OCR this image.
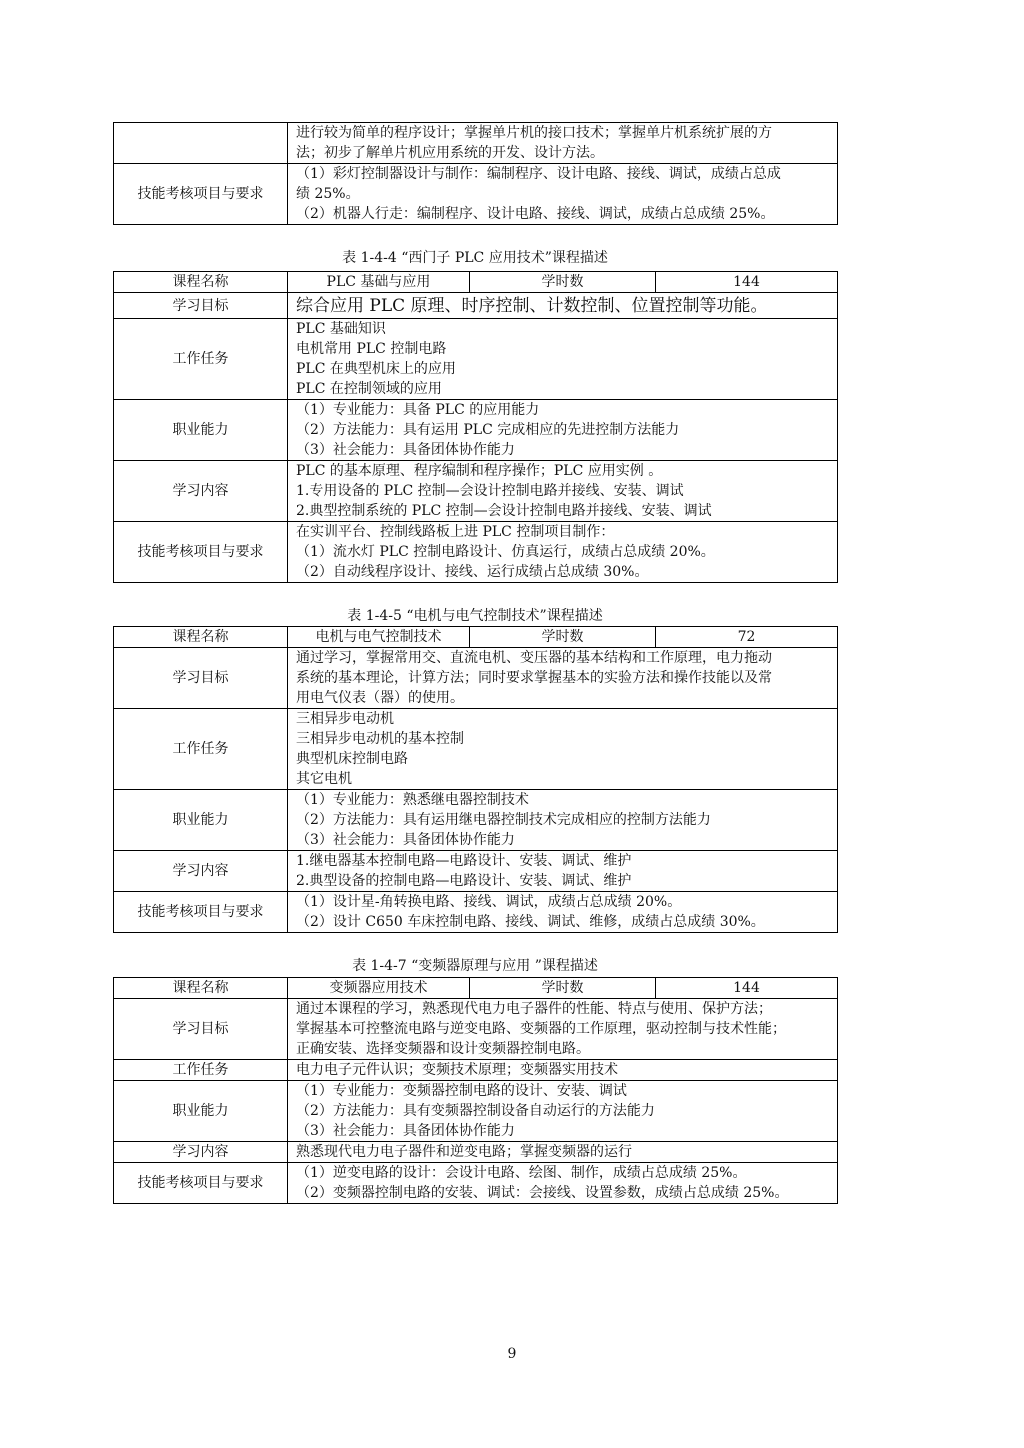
	进行较为简单的程序设计；掌握单片机的接口技术；掌握单片机系统扩展的方
法；初步了解单片机应用系统的开发、设计方法。

技能考核项目与要求	（1）彩灯控制器设计与制作：编制程序、设计电路、接线、调试，成绩占总成
绩 25%。
（2）机器人行走：编制程序、设计电路、接线、调试，成绩占总成绩 25%。
表 1-4-4 “西门子 PLC 应用技术”课程描述
课程名称	PLC 基础与应用	学时数	144
学习目标	综合应用 PLC 原理、时序控制、计数控制、位置控制等功能。		

工作任务	PLC 基础知识
电机常用 PLC 控制电路
PLC 在典型机床上的应用
PLC 在控制领域的应用		

职业能力	（1）专业能力：具备 PLC 的应用能力
（2）方法能力：具有运用 PLC 完成相应的先进控制方法能力
（3）社会能力：具备团体协作能力		

学习内容	PLC 的基本原理、程序编制和程序操作；PLC 应用实例 。
1.专用设备的 PLC 控制—会设计控制电路并接线、安装、调试
2.典型控制系统的 PLC 控制—会设计控制电路并接线、安装、调试		

技能考核项目与要求	在实训平台、控制线路板上进 PLC 控制项目制作：
（1）流水灯 PLC 控制电路设计、仿真运行，成绩占总成绩 20%。
（2）自动线程序设计、接线、运行成绩占总成绩 30%。		
表 1-4-5 “电机与电气控制技术”课程描述
课程名称	电机与电气控制技术	学时数	72
学习目标	通过学习，掌握常用交、直流电机、变压器的基本结构和工作原理，电力拖动
系统的基本理论，计算方法；同时要求掌握基本的实验方法和操作技能以及常
用电气仪表（器）的使用。		

工作任务	三相异步电动机
三相异步电动机的基本控制
典型机床控制电路
其它电机		

职业能力	（1）专业能力：熟悉继电器控制技术
（2）方法能力：具有运用继电器控制技术完成相应的控制方法能力
（3）社会能力：具备团体协作能力		

学习内容	1.继电器基本控制电路—电路设计、安装、调试、维护
2.典型设备的控制电路—电路设计、安装、调试、维护		

技能考核项目与要求	（1）设计星-角转换电路、接线、调试，成绩占总成绩 20%。
（2）设计 C650 车床控制电路、接线、调试、维修，成绩占总成绩 30%。		
表 1-4-7 “变频器原理与应用 ”课程描述
课程名称	变频器应用技术	学时数	144
学习目标	通过本课程的学习，熟悉现代电力电子器件的性能、特点与使用、保护方法；
掌握基本可控整流电路与逆变电路、变频器的工作原理，驱动控制与技术性能；
正确安装、选择变频器和设计变频器控制电路。		

工作任务	电力电子元件认识；变频技术原理；变频器实用技术		

职业能力	（1）专业能力：变频器控制电路的设计、安装、调试
（2）方法能力：具有变频器控制设备自动运行的方法能力
（3）社会能力：具备团体协作能力		

学习内容	熟悉现代电力电子器件和逆变电路；掌握变频器的运行		

技能考核项目与要求	（1）逆变电路的设计：会设计电路、绘图、制作，成绩占总成绩 25%。
（2）变频器控制电路的安装、调试：会接线、设置参数，成绩占总成绩 25%。		
9
